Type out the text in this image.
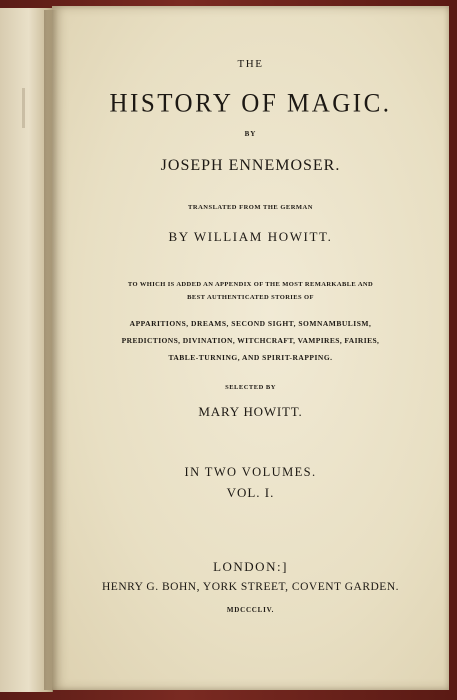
THE
HISTORY OF MAGIC.
BY
JOSEPH ENNEMOSER.
TRANSLATED FROM THE GERMAN
BY WILLIAM HOWITT.
TO WHICH IS ADDED AN APPENDIX OF THE MOST REMARKABLE AND
BEST AUTHENTICATED STORIES OF
APPARITIONS, DREAMS, SECOND SIGHT, SOMNAMBULISM,
PREDICTIONS, DIVINATION, WITCHCRAFT, VAMPIRES, FAIRIES,
TABLE-TURNING, AND SPIRIT-RAPPING.
SELECTED BY
MARY HOWITT.
IN TWO VOLUMES.
VOL. I.
LONDON:]
HENRY G. BOHN, YORK STREET, COVENT GARDEN.
MDCCCLIV.
